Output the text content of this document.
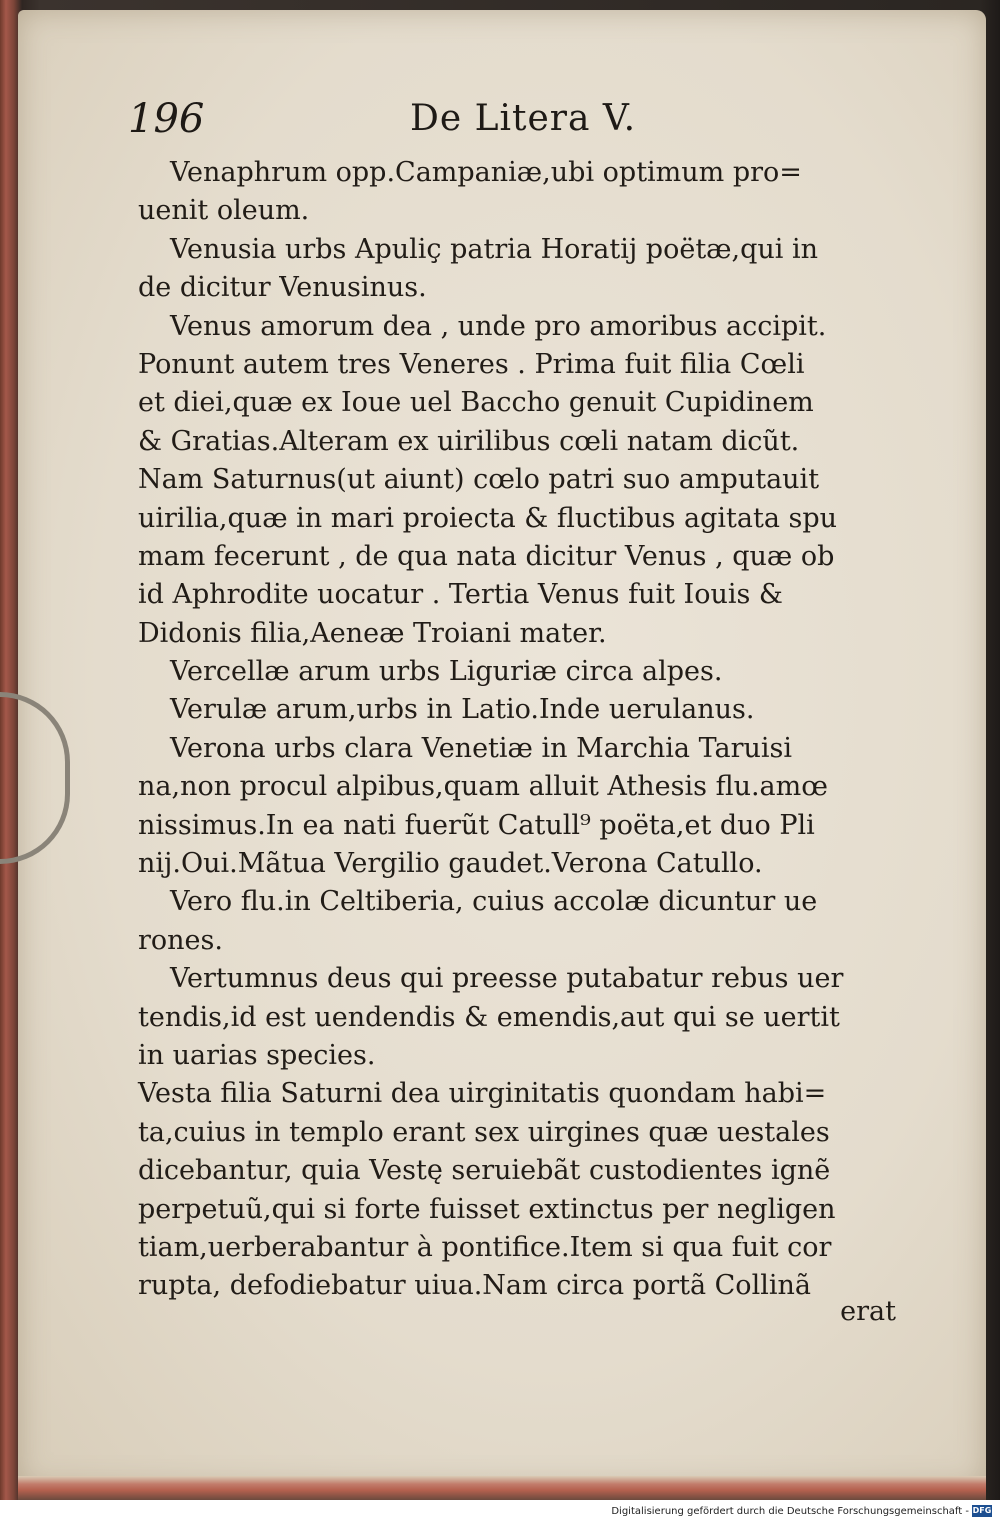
196	De Litera V.
Venaphrum opp.Campaniæ,ubi optimum pro=
uenit oleum.
Venusia urbs Apuliç patria Horatij poëtæ,qui in
de dicitur Venusinus.
Venus amorum dea , unde pro amoribus accipit.
Ponunt autem tres Veneres . Prima fuit filia Cœli
et diei,quæ ex Ioue uel Baccho genuit Cupidinem
& Gratias.Alteram ex uirilibus cœli natam dicũt.
Nam Saturnus(ut aiunt) cœlo patri suo amputauit
uirilia,quæ in mari proiecta & fluctibus agitata spu
mam fecerunt , de qua nata dicitur Venus , quæ ob
id Aphrodite uocatur . Tertia Venus fuit Iouis &
Didonis filia,Aeneæ Troiani mater.
Vercellæ arum urbs Liguriæ circa alpes.
Verulæ arum,urbs in Latio.Inde uerulanus.
Verona urbs clara Venetiæ in Marchia Taruisi
na,non procul alpibus,quam alluit Athesis flu.amœ
nissimus.In ea nati fuerũt Catull⁹ poëta,et duo Pli
nij.Oui.Mãtua Vergilio gaudet.Verona Catullo.
Vero flu.in Celtiberia, cuius accolæ dicuntur ue
rones.
Vertumnus deus qui preesse putabatur rebus uer
tendis,id est uendendis & emendis,aut qui se uertit
in uarias species.
Vesta filia Saturni dea uirginitatis quondam habi=
ta,cuius in templo erant sex uirgines quæ uestales
dicebantur, quia Vestę seruiebãt custodientes ignẽ
perpetuũ,qui si forte fuisset extinctus per negligen
tiam,uerberabantur à pontifice.Item si qua fuit cor
rupta, defodiebatur uiua.Nam circa portã Collinã
erat
Digitalisierung gefördert durch die Deutsche Forschungsgemeinschaft - DFG
